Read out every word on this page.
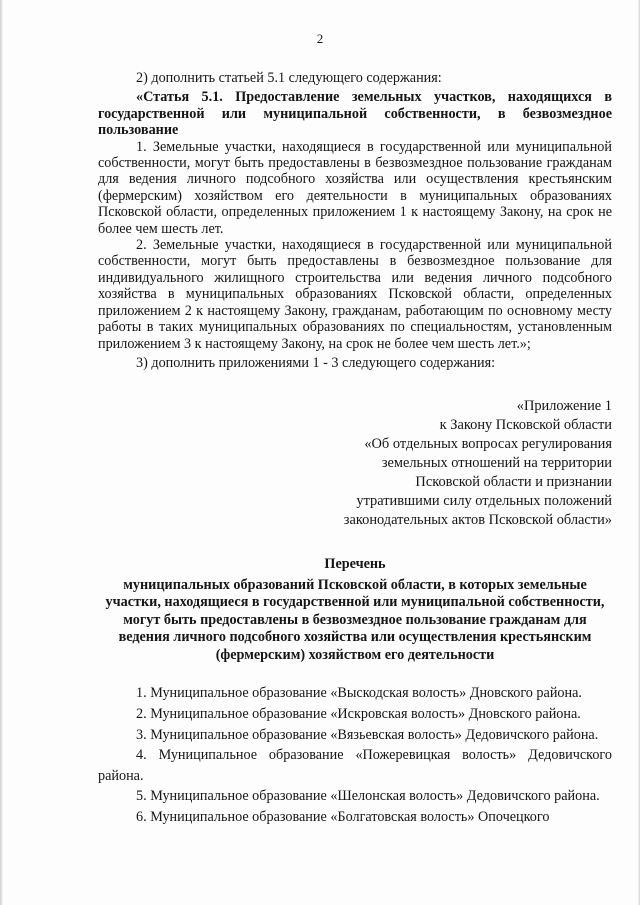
2

2) дополнить статьей 5.1 следующего содержания:

«Статья 5.1. Предоставление земельных участков, находящихся в государственной или муниципальной собственности, в безвозмездное пользование

1. Земельные участки, находящиеся в государственной или муниципальной собственности, могут быть предоставлены в безвозмездное пользование гражданам для ведения личного подсобного хозяйства или осуществления крестьянским (фермерским) хозяйством его деятельности в муниципальных образованиях Псковской области, определенных приложением 1 к настоящему Закону, на срок не более чем шесть лет.

2. Земельные участки, находящиеся в государственной или муниципальной собственности, могут быть предоставлены в безвозмездное пользование для индивидуального жилищного строительства или ведения личного подсобного хозяйства в муниципальных образованиях Псковской области, определенных приложением 2 к настоящему Закону, гражданам, работающим по основному месту работы в таких муниципальных образованиях по специальностям, установленным приложением 3 к настоящему Закону, на срок не более чем шесть лет.»;

3) дополнить приложениями 1 - 3 следующего содержания:

«Приложение 1

к Закону Псковской области

«Об отдельных вопросах регулирования

земельных отношений на территории

Псковской области и признании

утратившими силу отдельных положений

законодательных актов Псковской области»

Перечень

муниципальных образований Псковской области, в которых земельные участки, находящиеся в государственной или муниципальной собственности, могут быть предоставлены в безвозмездное пользование гражданам для ведения личного подсобного хозяйства или осуществления крестьянским (фермерским) хозяйством его деятельности

1. Муниципальное образование «Выскодская волость» Дновского района.

2. Муниципальное образование «Искровская волость» Дновского района.

3. Муниципальное образование «Вязьевская волость» Дедовичского района.

4. Муниципальное образование «Пожеревицкая волость» Дедовичского района.

5. Муниципальное образование «Шелонская волость» Дедовичского района.

6. Муниципальное образование «Болгатовская волость» Опочецкого
